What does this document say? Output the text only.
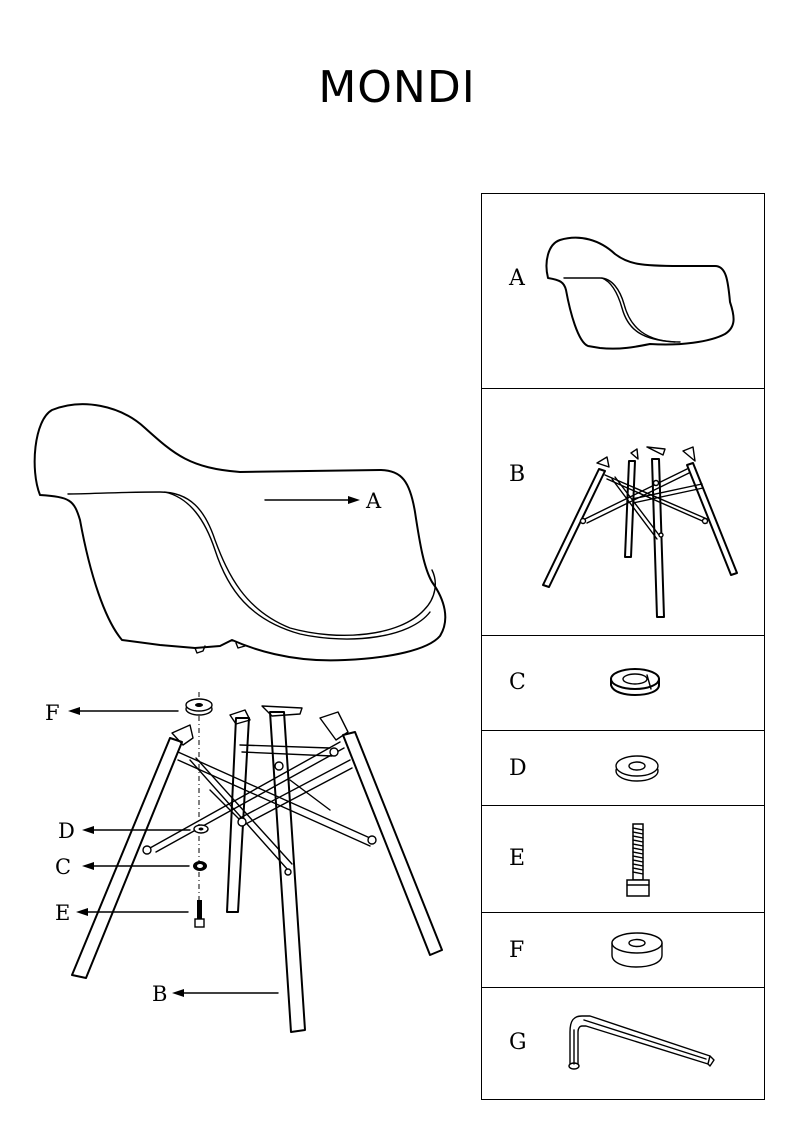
MONDI
A
F
D
C
E
B
A
B
C
D
E
F
G
